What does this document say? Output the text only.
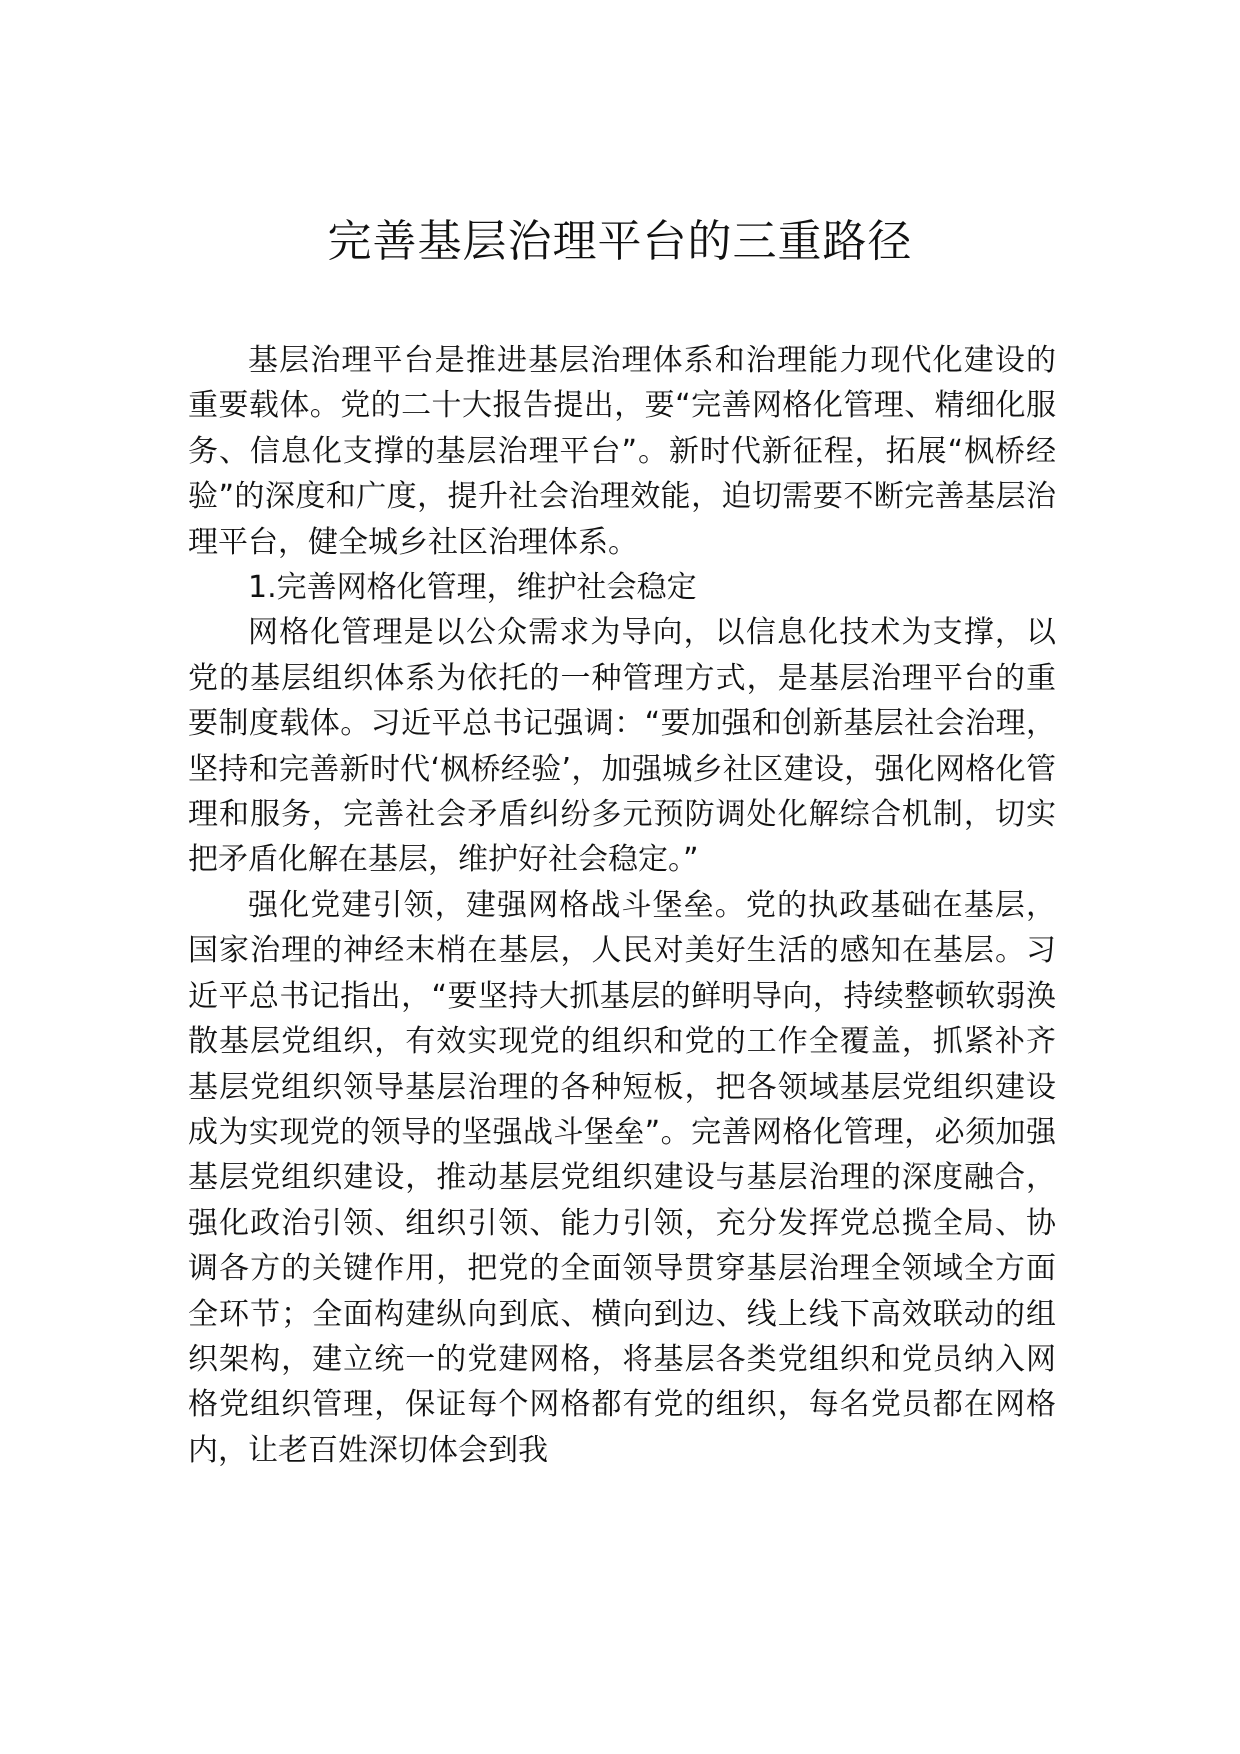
完善基层治理平台的三重路径

基层治理平台是推进基层治理体系和治理能力现代化建设的重要载体。党的二十大报告提出，要“完善网格化管理、精细化服务、信息化支撑的基层治理平台”。新时代新征程，拓展“枫桥经验”的深度和广度，提升社会治理效能，迫切需要不断完善基层治理平台，健全城乡社区治理体系。

1.完善网格化管理，维护社会稳定

网格化管理是以公众需求为导向，以信息化技术为支撑，以党的基层组织体系为依托的一种管理方式，是基层治理平台的重要制度载体。习近平总书记强调：“要加强和创新基层社会治理，坚持和完善新时代‘枫桥经验’，加强城乡社区建设，强化网格化管理和服务，完善社会矛盾纠纷多元预防调处化解综合机制，切实把矛盾化解在基层，维护好社会稳定。”

强化党建引领，建强网格战斗堡垒。党的执政基础在基层，国家治理的神经末梢在基层，人民对美好生活的感知在基层。习近平总书记指出，“要坚持大抓基层的鲜明导向，持续整顿软弱涣散基层党组织，有效实现党的组织和党的工作全覆盖，抓紧补齐基层党组织领导基层治理的各种短板，把各领域基层党组织建设成为实现党的领导的坚强战斗堡垒”。完善网格化管理，必须加强基层党组织建设，推动基层党组织建设与基层治理的深度融合，强化政治引领、组织引领、能力引领，充分发挥党总揽全局、协调各方的关键作用，把党的全面领导贯穿基层治理全领域全方面全环节；全面构建纵向到底、横向到边、线上线下高效联动的组织架构，建立统一的党建网格，将基层各类党组织和党员纳入网格党组织管理，保证每个网格都有党的组织，每名党员都在网格内，让老百姓深切体会到我
